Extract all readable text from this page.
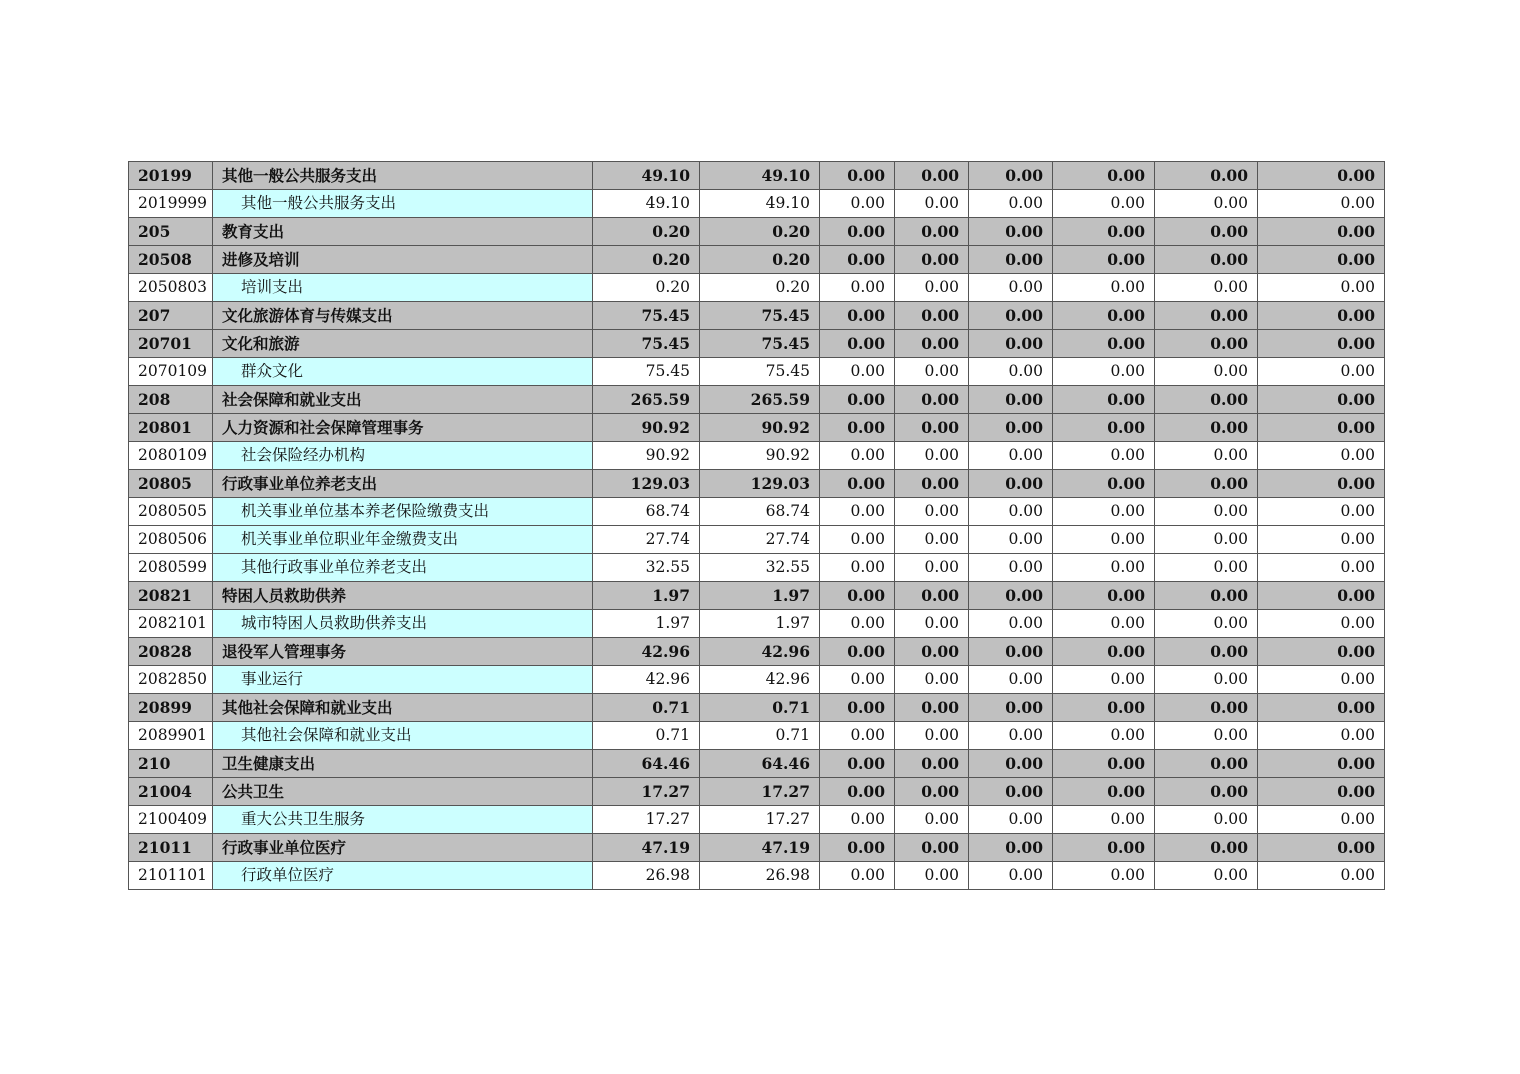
20199	其他一般公共服务支出	49.10	49.10	0.00	0.00	0.00	0.00	0.00	0.00
2019999	其他一般公共服务支出	49.10	49.10	0.00	0.00	0.00	0.00	0.00	0.00
205	教育支出	0.20	0.20	0.00	0.00	0.00	0.00	0.00	0.00
20508	进修及培训	0.20	0.20	0.00	0.00	0.00	0.00	0.00	0.00
2050803	培训支出	0.20	0.20	0.00	0.00	0.00	0.00	0.00	0.00
207	文化旅游体育与传媒支出	75.45	75.45	0.00	0.00	0.00	0.00	0.00	0.00
20701	文化和旅游	75.45	75.45	0.00	0.00	0.00	0.00	0.00	0.00
2070109	群众文化	75.45	75.45	0.00	0.00	0.00	0.00	0.00	0.00
208	社会保障和就业支出	265.59	265.59	0.00	0.00	0.00	0.00	0.00	0.00
20801	人力资源和社会保障管理事务	90.92	90.92	0.00	0.00	0.00	0.00	0.00	0.00
2080109	社会保险经办机构	90.92	90.92	0.00	0.00	0.00	0.00	0.00	0.00
20805	行政事业单位养老支出	129.03	129.03	0.00	0.00	0.00	0.00	0.00	0.00
2080505	机关事业单位基本养老保险缴费支出	68.74	68.74	0.00	0.00	0.00	0.00	0.00	0.00
2080506	机关事业单位职业年金缴费支出	27.74	27.74	0.00	0.00	0.00	0.00	0.00	0.00
2080599	其他行政事业单位养老支出	32.55	32.55	0.00	0.00	0.00	0.00	0.00	0.00
20821	特困人员救助供养	1.97	1.97	0.00	0.00	0.00	0.00	0.00	0.00
2082101	城市特困人员救助供养支出	1.97	1.97	0.00	0.00	0.00	0.00	0.00	0.00
20828	退役军人管理事务	42.96	42.96	0.00	0.00	0.00	0.00	0.00	0.00
2082850	事业运行	42.96	42.96	0.00	0.00	0.00	0.00	0.00	0.00
20899	其他社会保障和就业支出	0.71	0.71	0.00	0.00	0.00	0.00	0.00	0.00
2089901	其他社会保障和就业支出	0.71	0.71	0.00	0.00	0.00	0.00	0.00	0.00
210	卫生健康支出	64.46	64.46	0.00	0.00	0.00	0.00	0.00	0.00
21004	公共卫生	17.27	17.27	0.00	0.00	0.00	0.00	0.00	0.00
2100409	重大公共卫生服务	17.27	17.27	0.00	0.00	0.00	0.00	0.00	0.00
21011	行政事业单位医疗	47.19	47.19	0.00	0.00	0.00	0.00	0.00	0.00
2101101	行政单位医疗	26.98	26.98	0.00	0.00	0.00	0.00	0.00	0.00
